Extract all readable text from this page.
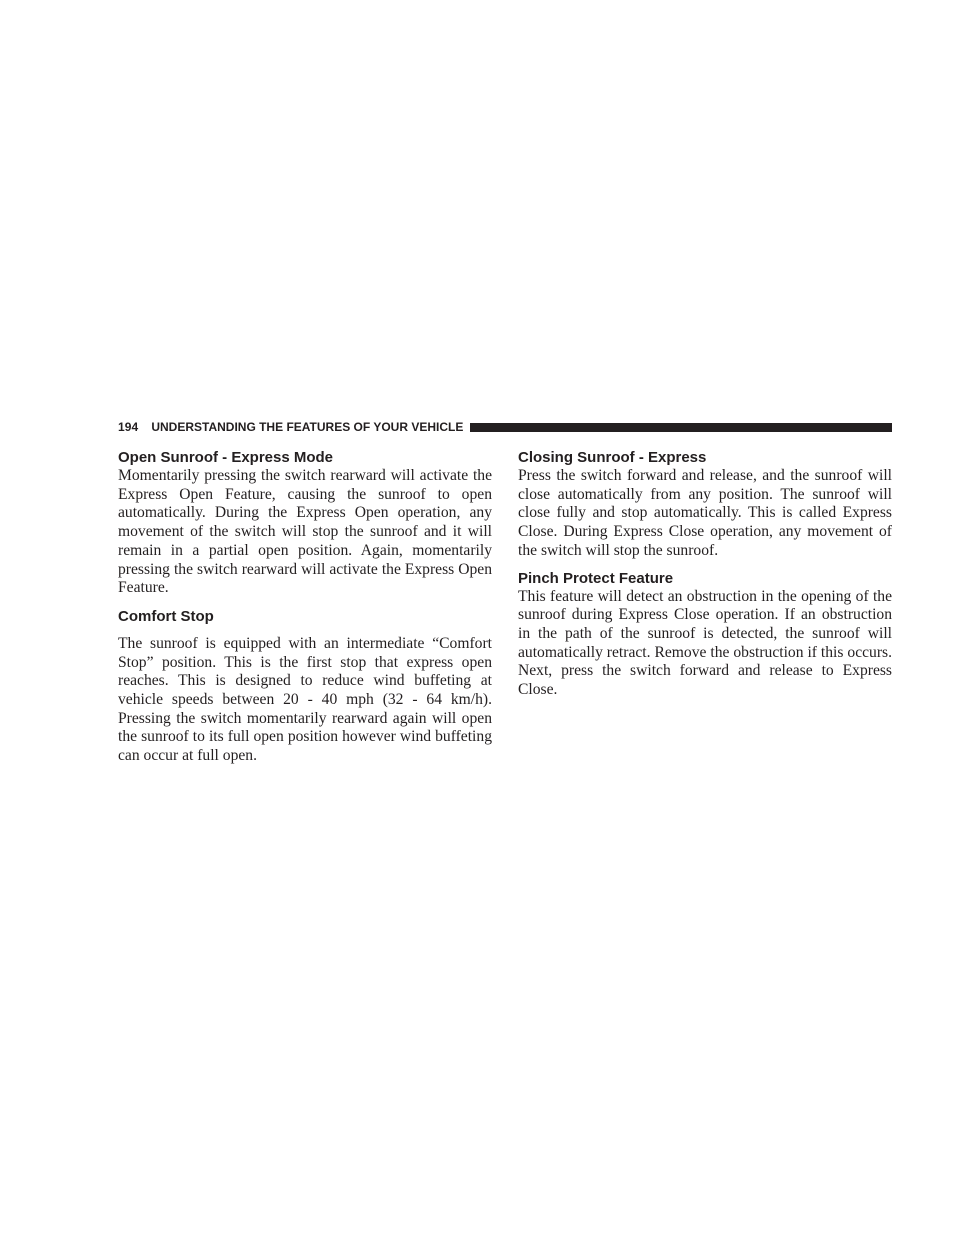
194 UNDERSTANDING THE FEATURES OF YOUR VEHICLE
Open Sunroof - Express Mode

Momentarily pressing the switch rearward will activate the Express Open Feature, causing the sunroof to open automatically. During the Express Open operation, any movement of the switch will stop the sunroof and it will remain in a partial open position. Again, momentarily pressing the switch rearward will activate the Express Open Feature.

Comfort Stop

The sunroof is equipped with an intermediate “Comfort Stop” position. This is the first stop that express open reaches. This is designed to reduce wind buffeting at vehicle speeds between 20 - 40 mph (32 - 64 km/h). Pressing the switch momentarily rearward again will open the sunroof to its full open position however wind buffeting can occur at full open.

Closing Sunroof - Express

Press the switch forward and release, and the sunroof will close automatically from any position. The sunroof will close fully and stop automatically. This is called Express Close. During Express Close operation, any movement of the switch will stop the sunroof.

Pinch Protect Feature

This feature will detect an obstruction in the opening of the sunroof during Express Close operation. If an obstruction in the path of the sunroof is detected, the sunroof will automatically retract. Remove the obstruction if this occurs. Next, press the switch forward and release to Express Close.
